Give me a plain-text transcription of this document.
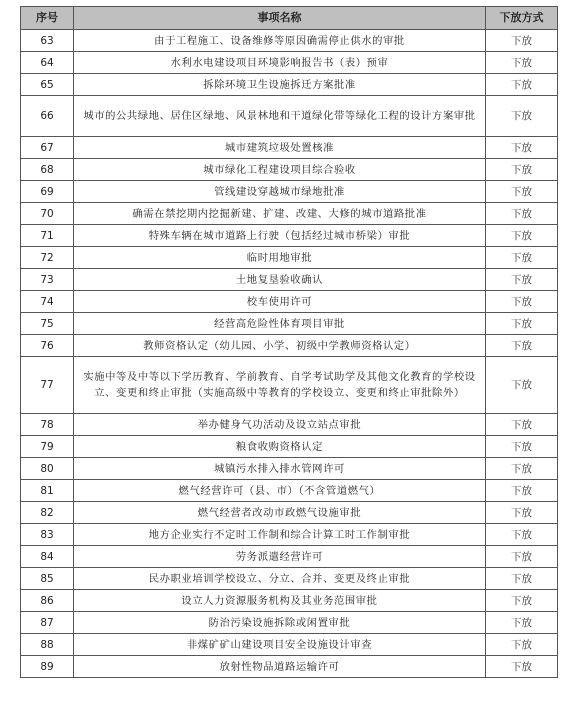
序号	事项名称	下放方式
63	由于工程施工、设备维修等原因确需停止供水的审批	下放
64	水利水电建设项目环境影响报告书（表）预审	下放
65	拆除环境卫生设施拆迁方案批准	下放
66	城市的公共绿地、居住区绿地、风景林地和干道绿化带等绿化工程的设计方案审批	下放
67	城市建筑垃圾处置核准	下放
68	城市绿化工程建设项目综合验收	下放
69	管线建设穿越城市绿地批准	下放
70	确需在禁挖期内挖掘新建、扩建、改建、大修的城市道路批准	下放
71	特殊车辆在城市道路上行驶（包括经过城市桥梁）审批	下放
72	临时用地审批	下放
73	土地复垦验收确认	下放
74	校车使用许可	下放
75	经营高危险性体育项目审批	下放
76	教师资格认定（幼儿园、小学、初级中学教师资格认定）	下放
77	实施中等及中等以下学历教育、学前教育、自学考试助学及其他文化教育的学校设立、变更和终止审批（实施高级中等教育的学校设立、变更和终止审批除外）	下放
78	举办健身气功活动及设立站点审批	下放
79	粮食收购资格认定	下放
80	城镇污水排入排水管网许可	下放
81	燃气经营许可（县、市）（不含管道燃气）	下放
82	燃气经营者改动市政燃气设施审批	下放
83	地方企业实行不定时工作制和综合计算工时工作制审批	下放
84	劳务派遣经营许可	下放
85	民办职业培训学校设立、分立、合并、变更及终止审批	下放
86	设立人力资源服务机构及其业务范围审批	下放
87	防治污染设施拆除或闲置审批	下放
88	非煤矿矿山建设项目安全设施设计审查	下放
89	放射性物品道路运输许可	下放
